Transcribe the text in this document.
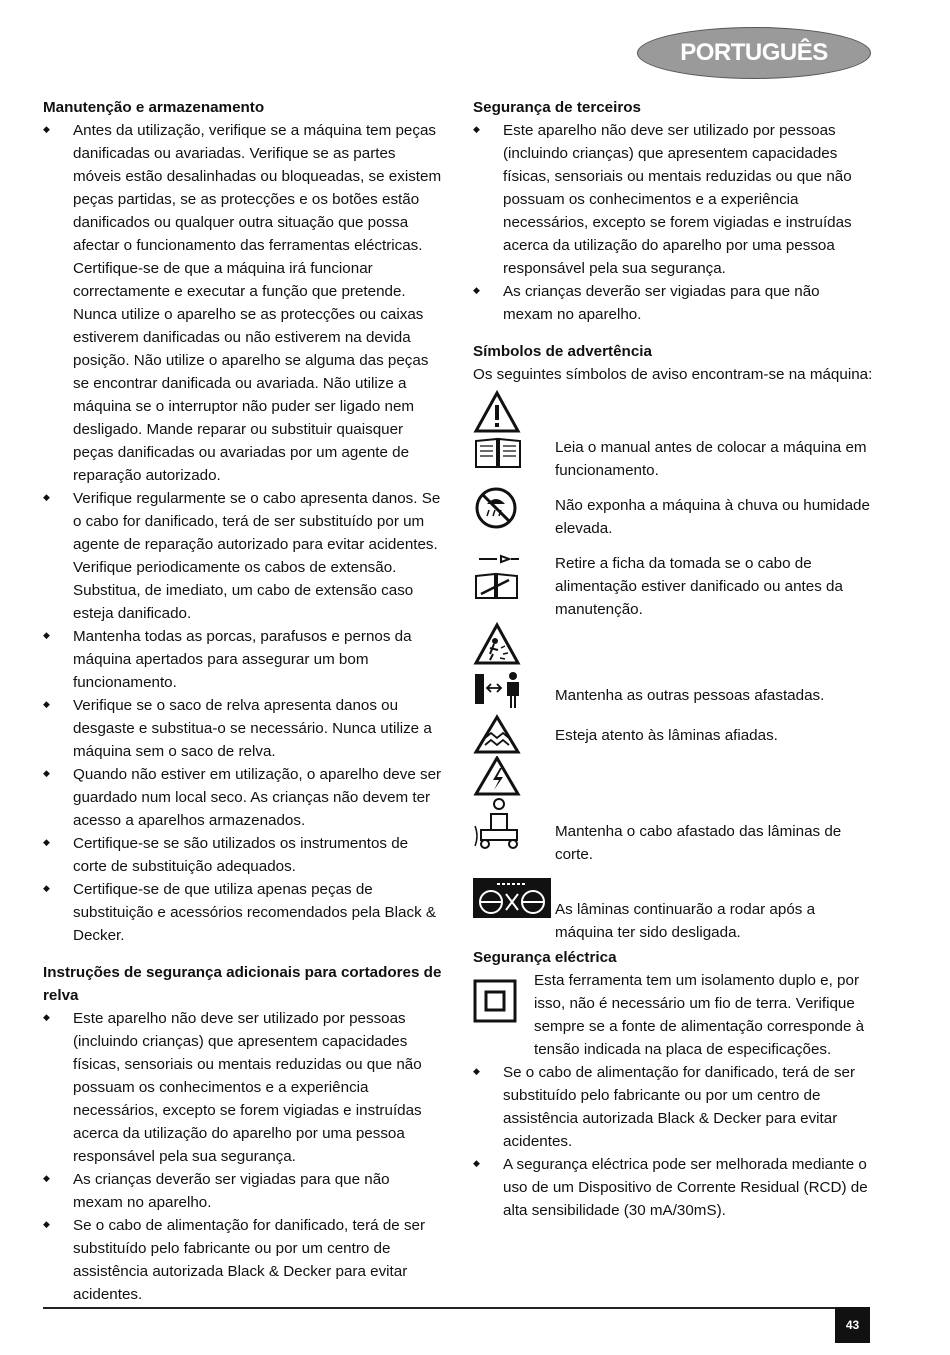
PORTUGUÊS

Manutenção e armazenamento

◆ Antes da utilização, verifique se a máquina tem peças danificadas ou avariadas. Verifique se as partes móveis estão desalinhadas ou bloqueadas, se existem peças partidas, se as protecções e os botões estão danificados ou qualquer outra situação que possa afectar o funcionamento das ferramentas eléctricas. Certifique-se de que a máquina irá funcionar correctamente e executar a função que pretende. Nunca utilize o aparelho se as protecções ou caixas estiverem danificadas ou não estiverem na devida posição. Não utilize o aparelho se alguma das peças se encontrar danificada ou avariada. Não utilize a máquina se o interruptor não puder ser ligado nem desligado. Mande reparar ou substituir quaisquer peças danificadas ou avariadas por um agente de reparação autorizado.
◆ Verifique regularmente se o cabo apresenta danos. Se o cabo for danificado, terá de ser substituído por um agente de reparação autorizado para evitar acidentes. Verifique periodicamente os cabos de extensão. Substitua, de imediato, um cabo de extensão caso esteja danificado.
◆ Mantenha todas as porcas, parafusos e pernos da máquina apertados para assegurar um bom funcionamento.
◆ Verifique se o saco de relva apresenta danos ou desgaste e substitua-o se necessário. Nunca utilize a máquina sem o saco de relva.
◆ Quando não estiver em utilização, o aparelho deve ser guardado num local seco. As crianças não devem ter acesso a aparelhos armazenados.
◆ Certifique-se se são utilizados os instrumentos de corte de substituição adequados.
◆ Certifique-se de que utiliza apenas peças de substituição e acessórios recomendados pela Black & Decker.

Instruções de segurança adicionais para cortadores de relva

◆ Este aparelho não deve ser utilizado por pessoas (incluindo crianças) que apresentem capacidades físicas, sensoriais ou mentais reduzidas ou que não possuam os conhecimentos e a experiência necessários, excepto se forem vigiadas e instruídas acerca da utilização do aparelho por uma pessoa responsável pela sua segurança.
◆ As crianças deverão ser vigiadas para que não mexam no aparelho.
◆ Se o cabo de alimentação for danificado, terá de ser substituído pelo fabricante ou por um centro de assistência autorizada Black & Decker para evitar acidentes.

Segurança de terceiros

◆ Este aparelho não deve ser utilizado por pessoas (incluindo crianças) que apresentem capacidades físicas, sensoriais ou mentais reduzidas ou que não possuam os conhecimentos e a experiência necessários, excepto se forem vigiadas e instruídas acerca da utilização do aparelho por uma pessoa responsável pela sua segurança.
◆ As crianças deverão ser vigiadas para que não mexam no aparelho.

Símbolos de advertência

Os seguintes símbolos de aviso encontram-se na máquina:

Leia o manual antes de colocar a máquina em funcionamento.
Não exponha a máquina à chuva ou humidade elevada.
Retire a ficha da tomada se o cabo de alimentação estiver danificado ou antes da manutenção.
Mantenha as outras pessoas afastadas.
Esteja atento às lâminas afiadas.
Mantenha o cabo afastado das lâminas de corte.
As lâminas continuarão a rodar após a máquina ter sido desligada.

Segurança eléctrica

Esta ferramenta tem um isolamento duplo e, por isso, não é necessário um fio de terra. Verifique sempre se a fonte de alimentação corresponde à tensão indicada na placa de especificações.
◆ Se o cabo de alimentação for danificado, terá de ser substituído pelo fabricante ou por um centro de assistência autorizada Black & Decker para evitar acidentes.
◆ A segurança eléctrica pode ser melhorada mediante o uso de um Dispositivo de Corrente Residual (RCD) de alta sensibilidade (30 mA/30mS).
43
